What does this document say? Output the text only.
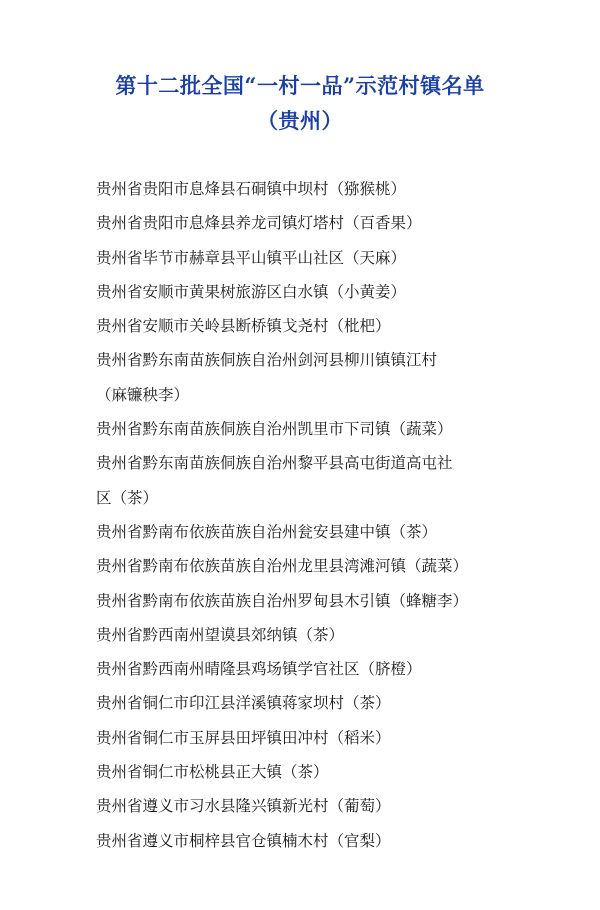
第十二批全国“一村一品”示范村镇名单
（贵州）
贵州省贵阳市息烽县石硐镇中坝村（猕猴桃）
贵州省贵阳市息烽县养龙司镇灯塔村（百香果）
贵州省毕节市赫章县平山镇平山社区（天麻）
贵州省安顺市黄果树旅游区白水镇（小黄姜）
贵州省安顺市关岭县断桥镇戈尧村（枇杷）
贵州省黔东南苗族侗族自治州剑河县柳川镇镇江村
（麻镰秧李）
贵州省黔东南苗族侗族自治州凯里市下司镇（蔬菜）
贵州省黔东南苗族侗族自治州黎平县高屯街道高屯社
区（茶）
贵州省黔南布依族苗族自治州瓮安县建中镇（茶）
贵州省黔南布依族苗族自治州龙里县湾滩河镇（蔬菜）
贵州省黔南布依族苗族自治州罗甸县木引镇（蜂糖李）
贵州省黔西南州望谟县郊纳镇（茶）
贵州省黔西南州晴隆县鸡场镇学官社区（脐橙）
贵州省铜仁市印江县洋溪镇蒋家坝村（茶）
贵州省铜仁市玉屏县田坪镇田冲村（稻米）
贵州省铜仁市松桃县正大镇（茶）
贵州省遵义市习水县隆兴镇新光村（葡萄）
贵州省遵义市桐梓县官仓镇楠木村（官梨）
